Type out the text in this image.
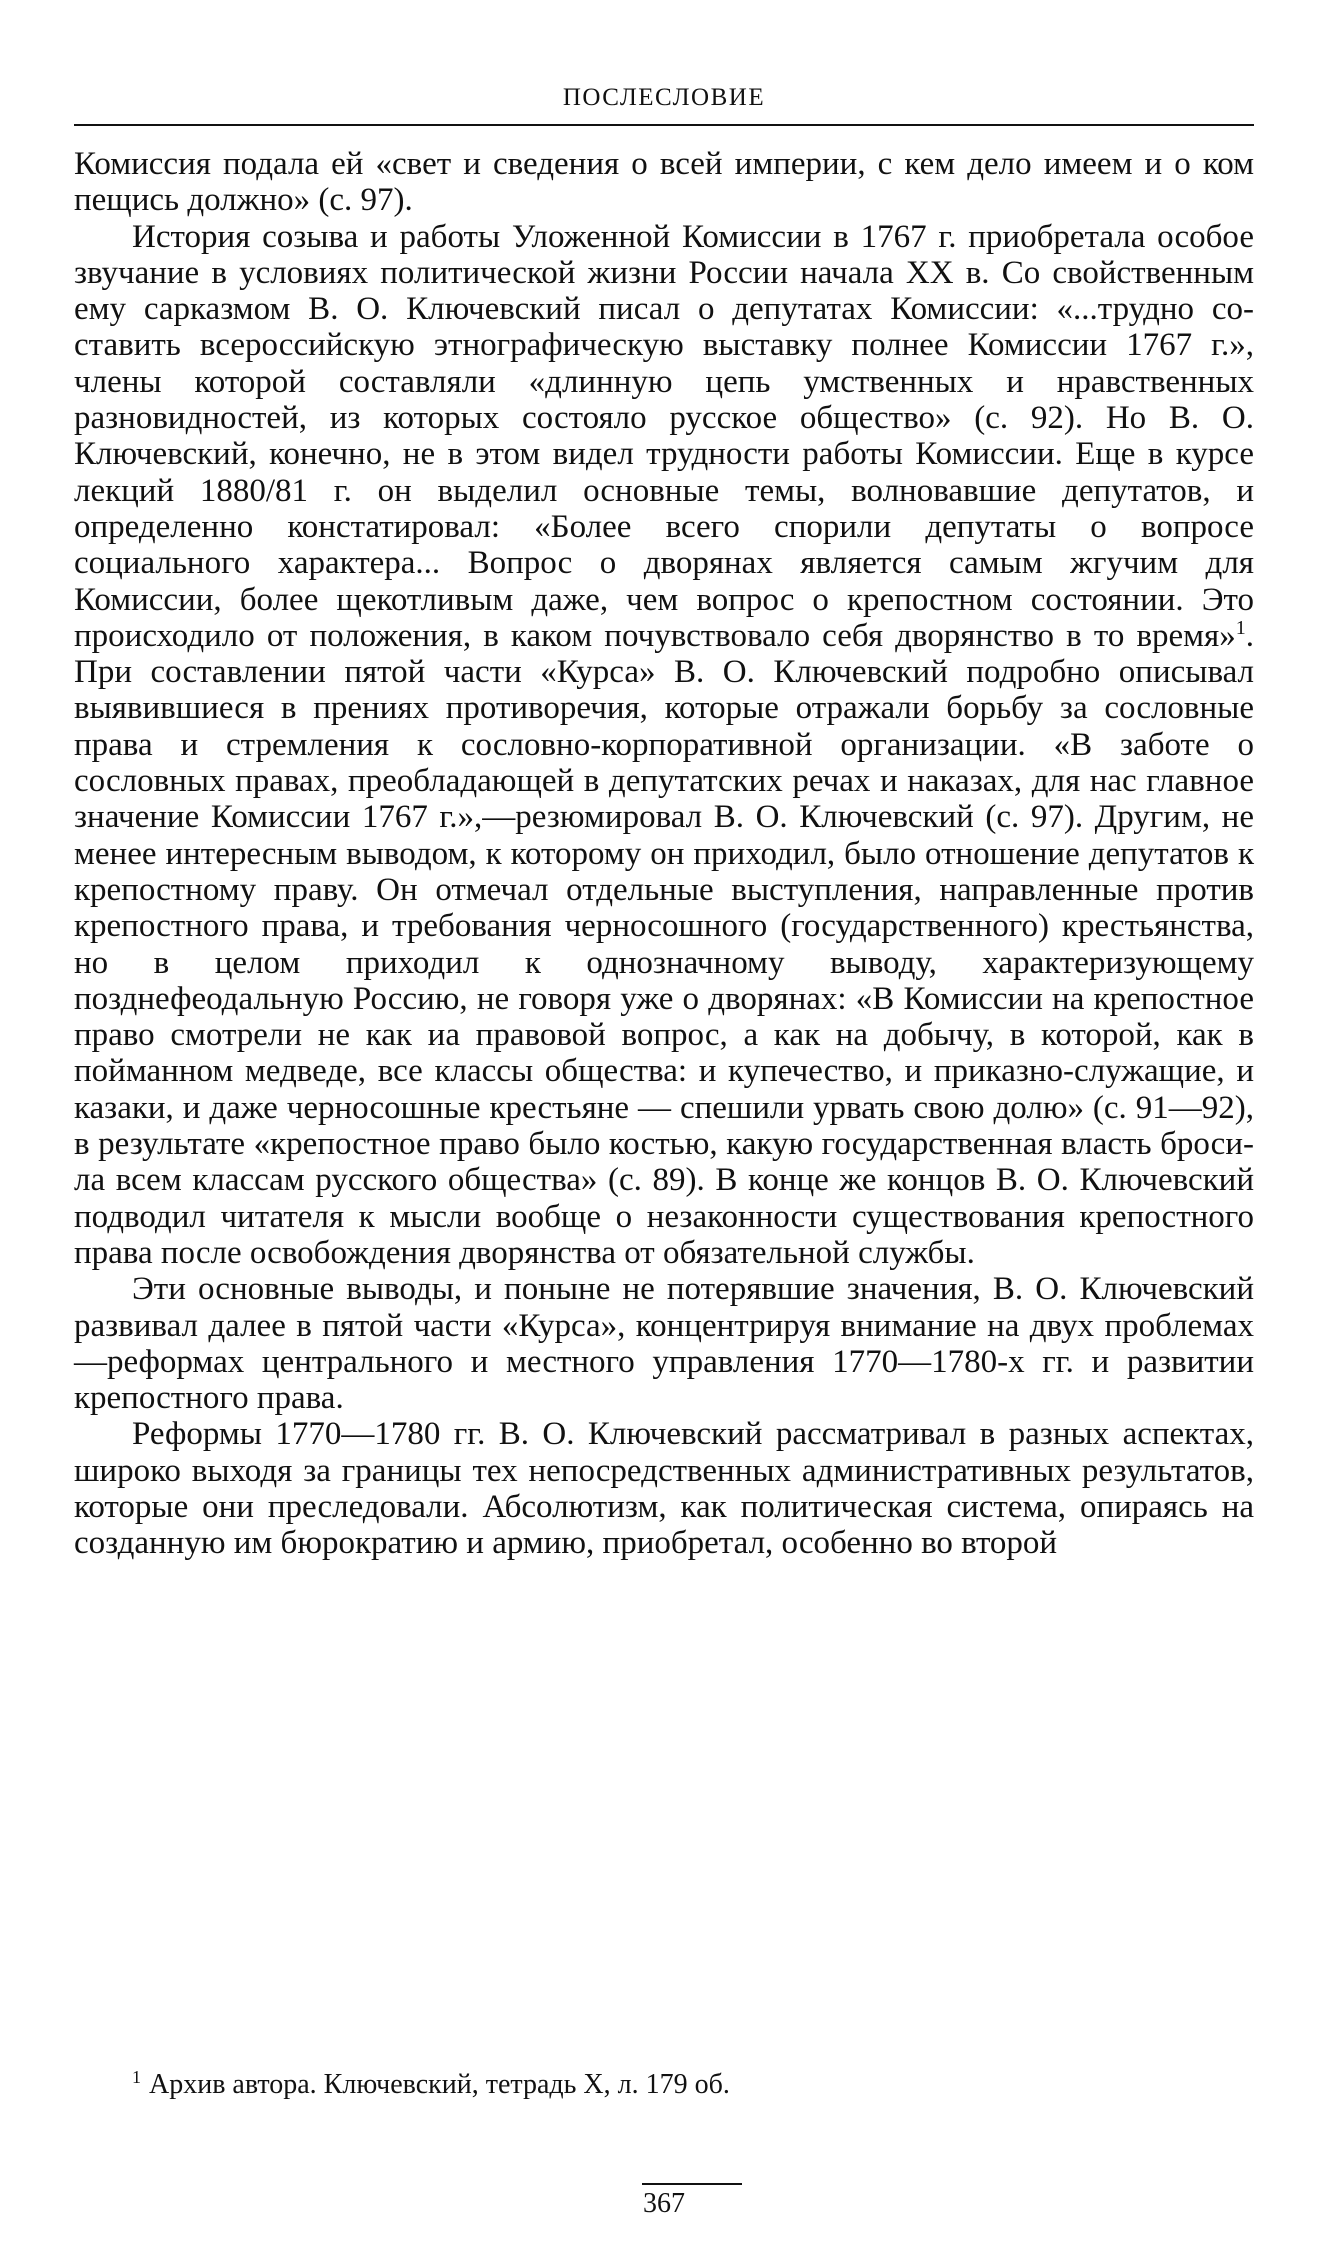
ПОСЛЕСЛОВИЕ

Комиссия подала ей «свет и сведения о всей империи, с кем дело имеем и о ком пещись должно» (с. 97).

История созыва и работы Уложенной Комиссии в 1767 г. приобретала особое звучание в условиях политической жизни России начала XX в. Со свойственным ему сарказмом В. О. Ключевский писал о депутатах Комиссии: «...трудно составить всероссийскую этнографическую выставку полнее Комиссии 1767 г.», члены которой составляли «длинную цепь умственных и нравственных разновидностей, из которых состояло русское общество» (с. 92). Но В. О. Ключевский, конечно, не в этом видел трудности работы Комиссии. Еще в курсе лекций 1880/81 г. он выделил основные темы, волновавшие депутатов, и определенно констатировал: «Более всего спорили депутаты о вопросе социального характера... Вопрос о дворянах является самым жгучим для Комиссии, более щекотливым даже, чем вопрос о крепостном состоянии. Это происходило от положения, в каком почувствовало себя дворянство в то время»$^1$. При составлении пятой части «Курса» В. О. Ключевский подробно описывал выявившиеся в прениях противоречия, которые отражали борьбу за сословные права и стремления к сословно-корпоративной организации. «В заботе о сословных правах, преобладающей в депутатских речах и наказах, для нас главное значение Комиссии 1767 г.»,—резюмировал В. О. Ключевский (с. 97). Другим, не менее интересным выводом, к которому он приходил, было отношение депутатов к крепостному праву. Он отмечал отдельные выступления, направленные против крепостного права, и требования черносошного (государственного) крестьянства, но в целом приходил к однозначному выводу, характеризующему позднефеодальную Россию, не говоря уже о дворянах: «В Комиссии на крепостное право смотрели не как иа правовой вопрос, а как на добычу, в которой, как в пойманном медведе, все классы общества: и купечество, и приказно-служащие, и казаки, и даже черносошные крестьяне — спешили урвать свою долю» (с. 91—92), в результате «крепостное право было костью, какую государственная власть бросила всем классам русского общества» (с. 89). В конце же концов В. О. Ключевский подводил читателя к мысли вообще о незаконности существования крепостного права после освобождения дворянства от обязательной службы.

Эти основные выводы, и поныне не потерявшие значения, В. О. Ключевский развивал далее в пятой части «Курса», концентрируя внимание на двух проблемах—реформах центрального и местного управления 1770—1780-х гг. и развитии крепостного права.

Реформы 1770—1780 гг. В. О. Ключевский рассматривал в разных аспектах, широко выходя за границы тех непосредственных административных результатов, которые они преследовали. Абсолютизм, как политическая система, опираясь на созданную им бюрократию и армию, приобретал, особенно во второй

$^1$ Архив автора. Ключевский, тетрадь X, л. 179 об.
367
